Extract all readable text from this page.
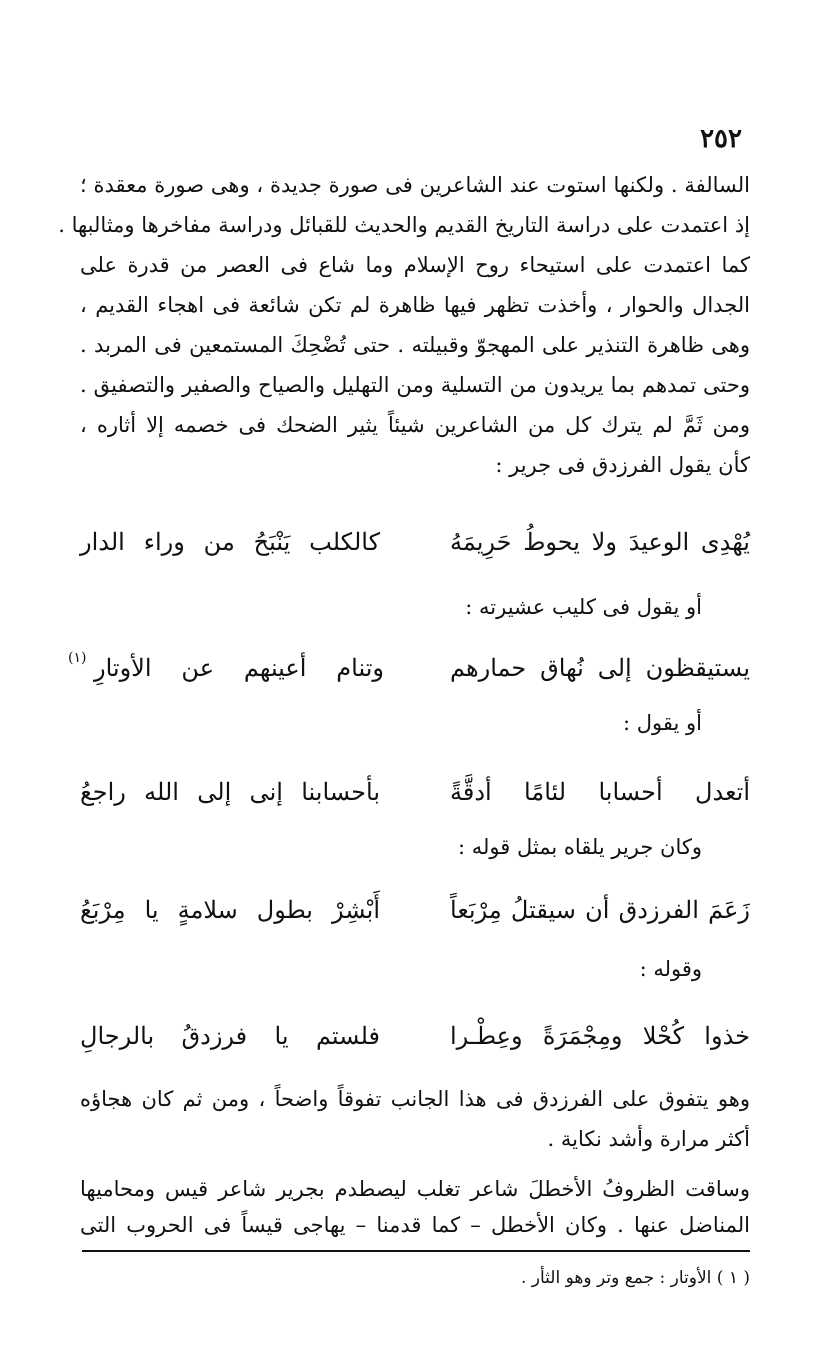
٢٥٢
السالفة . ولكنها استوت عند الشاعرين فى صورة جديدة ، وهى صورة معقدة ؛
إذ اعتمدت على دراسة التاريخ القديم والحديث للقبائل ودراسة مفاخرها ومثالبها .
كما اعتمدت على استيحاء روح الإسلام وما شاع فى العصر من قدرة على
الجدال والحوار ، وأخذت تظهر فيها ظاهرة لم تكن شائعة فى اهجاء القديم ،
وهى ظاهرة التنذير على المهجوّ وقبيلته . حتى تُضْحِكَ المستمعين فى المربد .
وحتى تمدهم بما يريدون من التسلية ومن التهليل والصياح والصفير والتصفيق .
ومن ثَمَّ لم يترك كل من الشاعرين شيئاً يثير الضحك فى خصمه إلا أثاره ،
كأن يقول الفرزدق فى جرير :
يُهْدِى الوعيدَ ولا يحوطُ حَرِيمَهُ
كالكلب يَنْبَحُ من وراء الدار
أو يقول فى كليب عشيرته :
يستيقظون إلى نُهاق حمارهم
وتنام أعينهم عن الأوتارِ
(١)
أو يقول :
أتعدل أحسابا لئامًا أدقَّةً
بأحسابنا إنى إلى الله راجعُ
وكان جرير يلقاه بمثل قوله :
زَعَمَ الفرزدق أن سيقتلُ مِرْبَعاً
أَبْشِرْ بطول سلامةٍ يا مِرْبَعُ
وقوله :
خذوا كُحْلا ومِجْمَرَةً وعِطْـرا
فلستم يا فرزدقُ بالرجالِ
وهو يتفوق على الفرزدق فى هذا الجانب تفوقاً واضحاً ، ومن ثم كان هجاؤه
أكثر مرارة وأشد نكاية .
وساقت الظروفُ الأخطلَ شاعر تغلب ليصطدم بجرير شاعر قيس ومحاميها
المناضل عنها . وكان الأخطل – كما قدمنا – يهاجى قيساً فى الحروب التى
( ١ ) الأوتار : جمع وتر وهو الثأر .
